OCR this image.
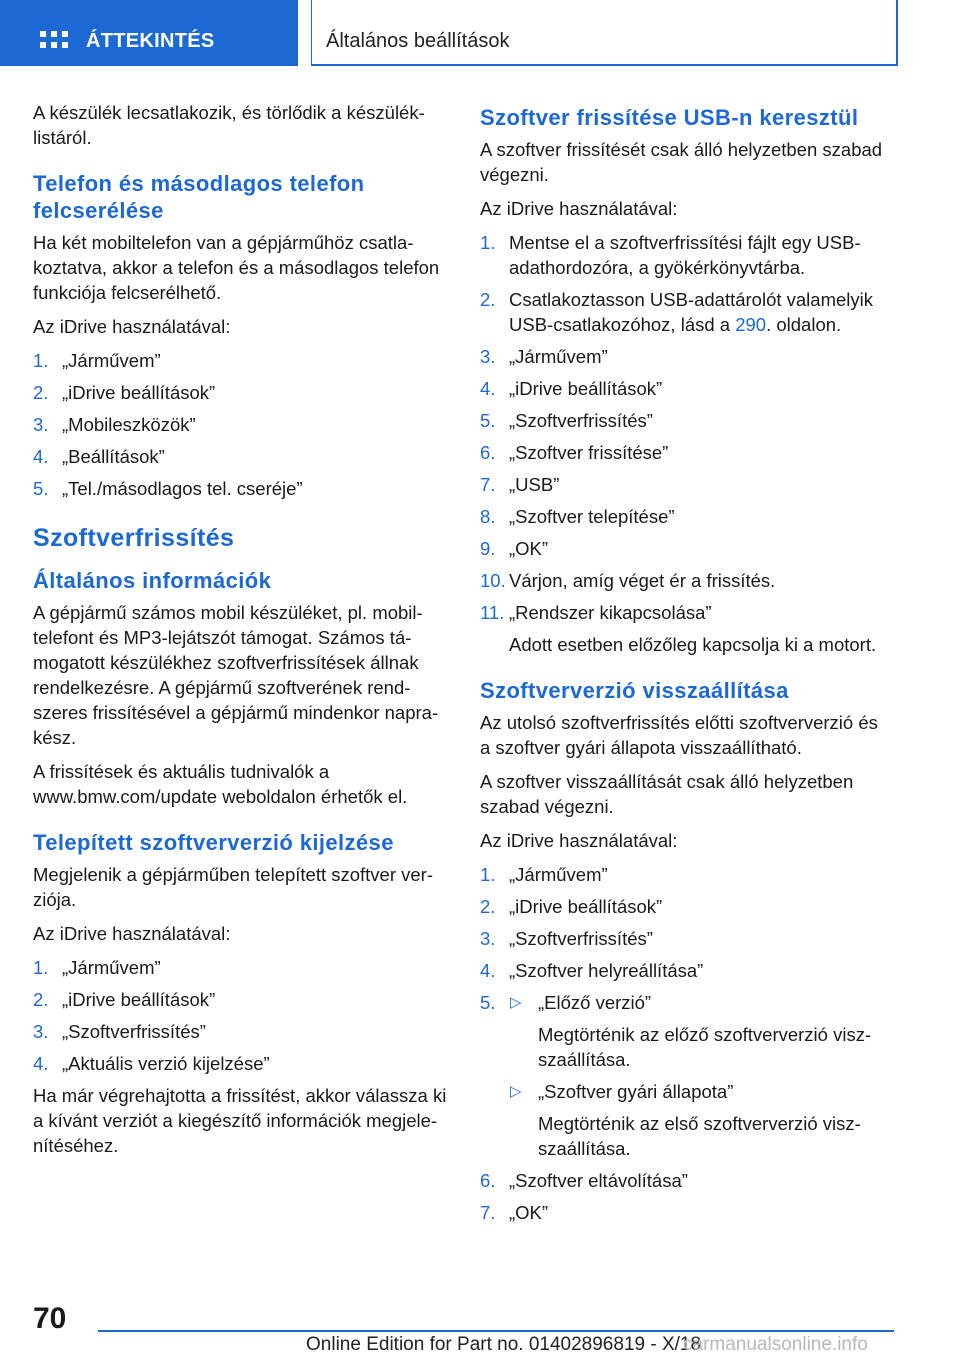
ÁTTEKINTÉS	Általános beállítások

A készülék lecsatlakozik, és törlődik a készülék-listáról.

Telefon és másodlagos telefon felcserélése

Ha két mobiltelefon van a gépjárműhöz csatla-koztatva, akkor a telefon és a másodlagos telefon funkciója felcserélhető.

Az iDrive használatával:

1. „Járművem”
2. „iDrive beállítások”
3. „Mobileszközök”
4. „Beállítások”
5. „Tel./másodlagos tel. cseréje”
Szoftverfrissítés
Általános információk

A gépjármű számos mobil készüléket, pl. mobil-telefont és MP3-lejátszót támogat. Számos tá-mogatott készülékhez szoftverfrissítések állnak rendelkezésre. A gépjármű szoftverének rend-szeres frissítésével a gépjármű mindenkor napra-kész.

A frissítések és aktuális tudnivalók a www.bmw.com/update weboldalon érhetők el.

Telepített szoftververzió kijelzése

Megjelenik a gépjárműben telepített szoftver ver-ziója.

Az iDrive használatával:

1. „Járművem”
2. „iDrive beállítások”
3. „Szoftverfrissítés”
4. „Aktuális verzió kijelzése”

Ha már végrehajtotta a frissítést, akkor válassza ki a kívánt verziót a kiegészítő információk megjele-nítéséhez.

Szoftver frissítése USB-n keresztül

A szoftver frissítését csak álló helyzetben szabad végezni.

Az iDrive használatával:

1. Mentse el a szoftverfrissítési fájlt egy USB-adathordozóra, a gyökérkönyvtárba.
2. Csatlakoztasson USB-adattárolót valamelyik USB-csatlakozóhoz, lásd a 290. oldalon.
3. „Járművem”
4. „iDrive beállítások”
5. „Szoftverfrissítés”
6. „Szoftver frissítése”
7. „USB”
8. „Szoftver telepítése”
9. „OK”
10. Várjon, amíg véget ér a frissítés.
11. „Rendszer kikapcsolása”
Adott esetben előzőleg kapcsolja ki a motort.
Szoftververzió visszaállítása

Az utolsó szoftverfrissítés előtti szoftververzió és a szoftver gyári állapota visszaállítható.

A szoftver visszaállítását csak álló helyzetben szabad végezni.

Az iDrive használatával:

1. „Járművem”
2. „iDrive beállítások”
3. „Szoftverfrissítés”
4. „Szoftver helyreállítása”
5. ▷ „Előző verzió”
Megtörténik az előző szoftververzió visz-szaállítása.
▷ „Szoftver gyári állapota”
Megtörténik az első szoftververzió visz-szaállítása.
6. „Szoftver eltávolítása”
7. „OK”
70
Online Edition for Part no. 01402896819 - X/18
carmanualsonline.info
